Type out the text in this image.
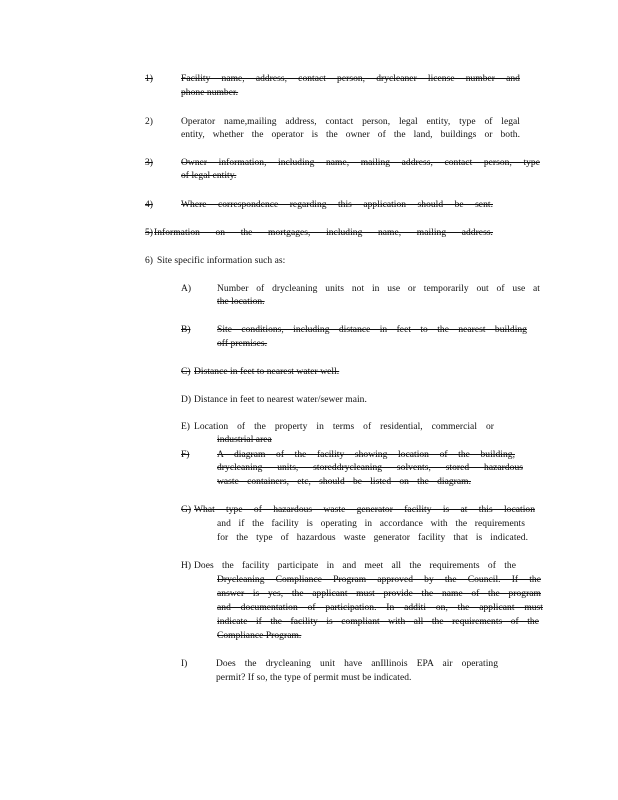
1)	Facility name, address, contact person, drycleaner license number and
phone number.
2)	Operator name,mailing address, contact person, legal entity, type of legal
entity, whether the operator is the owner of the land, buildings or both.
3)	Owner information, including name, mailing address, contact person, type
of legal entity.
4)	Where correspondence regarding this application should be sent.
5) Information on the mortgages, including name, mailing address.
6) Site specific information such as:
A)	Number of drycleaning units not in use or temporarily out of use at
the location.
B)	Site conditions, including distance in feet to the nearest building
off premises.
C) Distance in feet to nearest water well.
D) Distance in feet to nearest water/sewer main.
E) Location of the property in terms of residential, commercial or
industrial area
F)	A diagram of the facility showing location of the building,
drycleaning units, storeddrycleaning solvents, stored hazardous
waste containers, etc, should be listed on the diagram.
G) What type of hazardous waste generator facility is at this location
and if the facility is operating in accordance with the requirements
for the type of hazardous waste generator facility that is indicated.
H) Does the facility participate in and meet all the requirements of the
Drycleaning Compliance Program approved by the Council. If the
answer is yes, the applicant must provide the name of the program
and documentation of participation. In additi on, the applicant must
indicate if the facility is compliant with all the requirements of the
Compliance Program.
I)	Does the drycleaning unit have anIllinois EPA air operating
permit? If so, the type of permit must be indicated.
